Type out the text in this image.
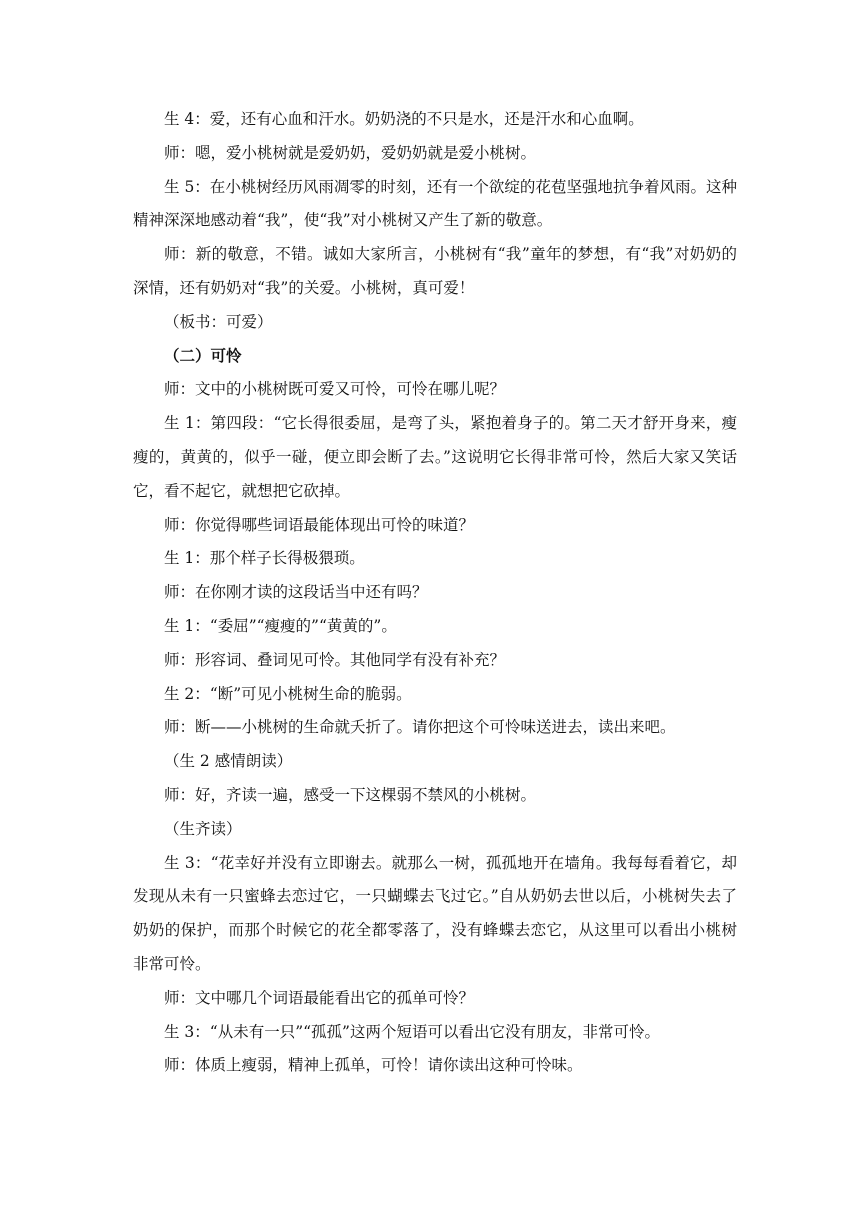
生 4：爱，还有心血和汗水。奶奶浇的不只是水，还是汗水和心血啊。

师：嗯，爱小桃树就是爱奶奶，爱奶奶就是爱小桃树。

生 5：在小桃树经历风雨凋零的时刻，还有一个欲绽的花苞坚强地抗争着风雨。这种精神深深地感动着“我”，使“我”对小桃树又产生了新的敬意。

师：新的敬意，不错。诚如大家所言，小桃树有“我”童年的梦想，有“我”对奶奶的深情，还有奶奶对“我”的关爱。小桃树，真可爱！

（板书：可爱）

（二）可怜

师：文中的小桃树既可爱又可怜，可怜在哪儿呢？

生 1：第四段：“它长得很委屈，是弯了头，紧抱着身子的。第二天才舒开身来，瘦瘦的，黄黄的，似乎一碰，便立即会断了去。”这说明它长得非常可怜，然后大家又笑话它，看不起它，就想把它砍掉。

师：你觉得哪些词语最能体现出可怜的味道？

生 1：那个样子长得极猥琐。

师：在你刚才读的这段话当中还有吗？

生 1：“委屈”“瘦瘦的”“黄黄的”。

师：形容词、叠词见可怜。其他同学有没有补充？

生 2：“断”可见小桃树生命的脆弱。

师：断——小桃树的生命就夭折了。请你把这个可怜味送进去，读出来吧。

（生 2 感情朗读）

师：好，齐读一遍，感受一下这棵弱不禁风的小桃树。

（生齐读）

生 3：“花幸好并没有立即谢去。就那么一树，孤孤地开在墙角。我每每看着它，却发现从未有一只蜜蜂去恋过它，一只蝴蝶去飞过它。”自从奶奶去世以后，小桃树失去了奶奶的保护，而那个时候它的花全都零落了，没有蜂蝶去恋它，从这里可以看出小桃树非常可怜。

师：文中哪几个词语最能看出它的孤单可怜？

生 3：“从未有一只”“孤孤”这两个短语可以看出它没有朋友，非常可怜。

师：体质上瘦弱，精神上孤单，可怜！请你读出这种可怜味。
